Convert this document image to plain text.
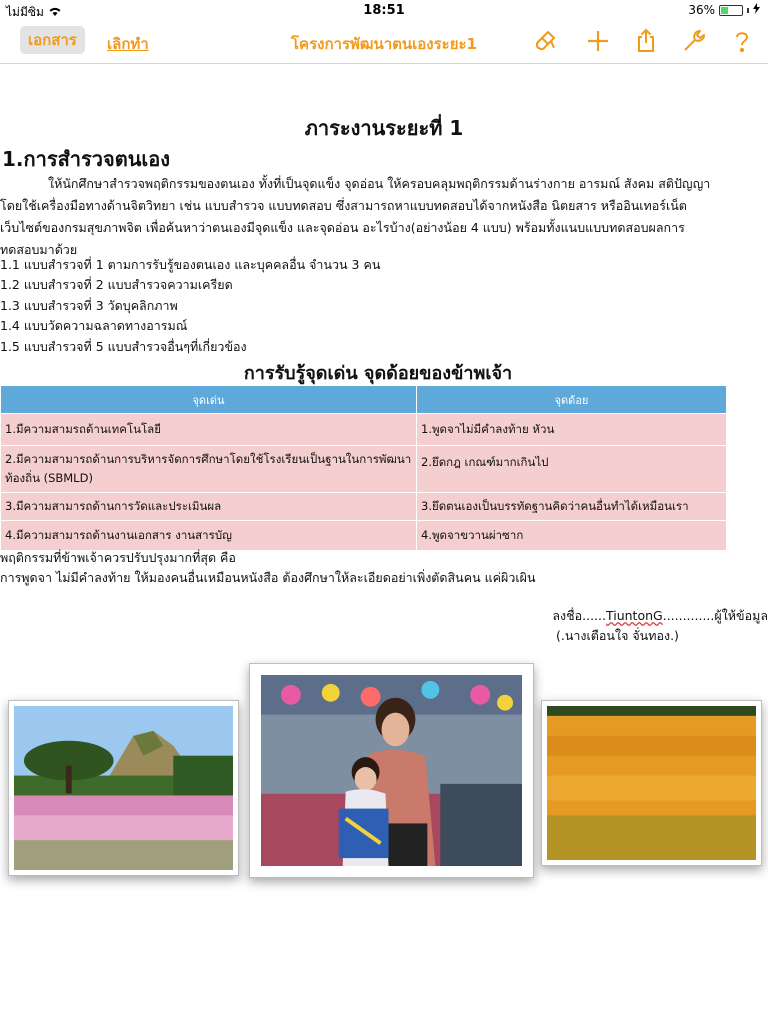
ไม่มีซิม	18:51	36%
เอกสาร	เลิกทำ	โครงการพัฒนาตนเองระยะ1
ภาระงานระยะที่ 1
1.การสำรวจตนเอง
ให้นักศึกษาสำรวจพฤติกรรมของตนเอง ทั้งที่เป็นจุดแข็ง จุดอ่อน ให้ครอบคลุมพฤติกรรมด้านร่างกาย อารมณ์ สังคม สติปัญญา
โดยใช้เครื่องมือทางด้านจิตวิทยา เช่น แบบสำรวจ แบบทดสอบ ซึ่งสามารถหาแบบทดสอบได้จากหนังสือ นิตยสาร หรืออินเทอร์เน็ต
เว็บไซต์ของกรมสุขภาพจิต เพื่อค้นหาว่าตนเองมีจุดแข็ง และจุดอ่อน อะไรบ้าง(อย่างน้อย 4 แบบ) พร้อมทั้งแนบแบบทดสอบผลการ
ทดสอบมาด้วย
1.1 แบบสำรวจที่ 1 ตามการรับรู้ของตนเอง และบุคคลอื่น จำนวน 3 คน
1.2 แบบสำรวจที่ 2 แบบสำรวจความเครียด
1.3 แบบสำรวจที่ 3 วัดบุคลิกภาพ
1.4 แบบวัดความฉลาดทางอารมณ์
1.5 แบบสำรวจที่ 5 แบบสำรวจอื่นๆที่เกี่ยวข้อง
การรับรู้จุดเด่น จุดด้อยของข้าพเจ้า
จุดเด่น	จุดด้อย
1.มีความสามรถด้านเทคโนโลยี	1.พูดจาไม่มีคำลงท้าย หัวน
2.มีความสามารถด้านการบริหารจัดการศึกษาโดยใช้โรงเรียนเป็นฐานในการพัฒนาท้องถิ่น (SBMLD)	2.ยึดกฎ เกณฑ์มากเกินไป
3.มีความสามารถด้านการวัดและประเมินผล	3.ยึดตนเองเป็นบรรทัดฐานคิดว่าคนอื่นทำได้เหมือนเรา
4.มีความสามารถด้านงานเอกสาร งานสารบัญ	4.พูดจาขวานผ่าซาก
พฤติกรรมที่ข้าพเจ้าควรปรับปรุงมากที่สุด คือ
การพูดจา ไม่มีคำลงท้าย ให้มองคนอื่นเหมือนหนังสือ ต้องศึกษาให้ละเอียดอย่าเพิ่งตัดสินคน แค่ผิวเผิน
ลงชื่อ......TiuntonG.............ผู้ให้ข้อมูล
(.นางเตือนใจ จั่นทอง.)
